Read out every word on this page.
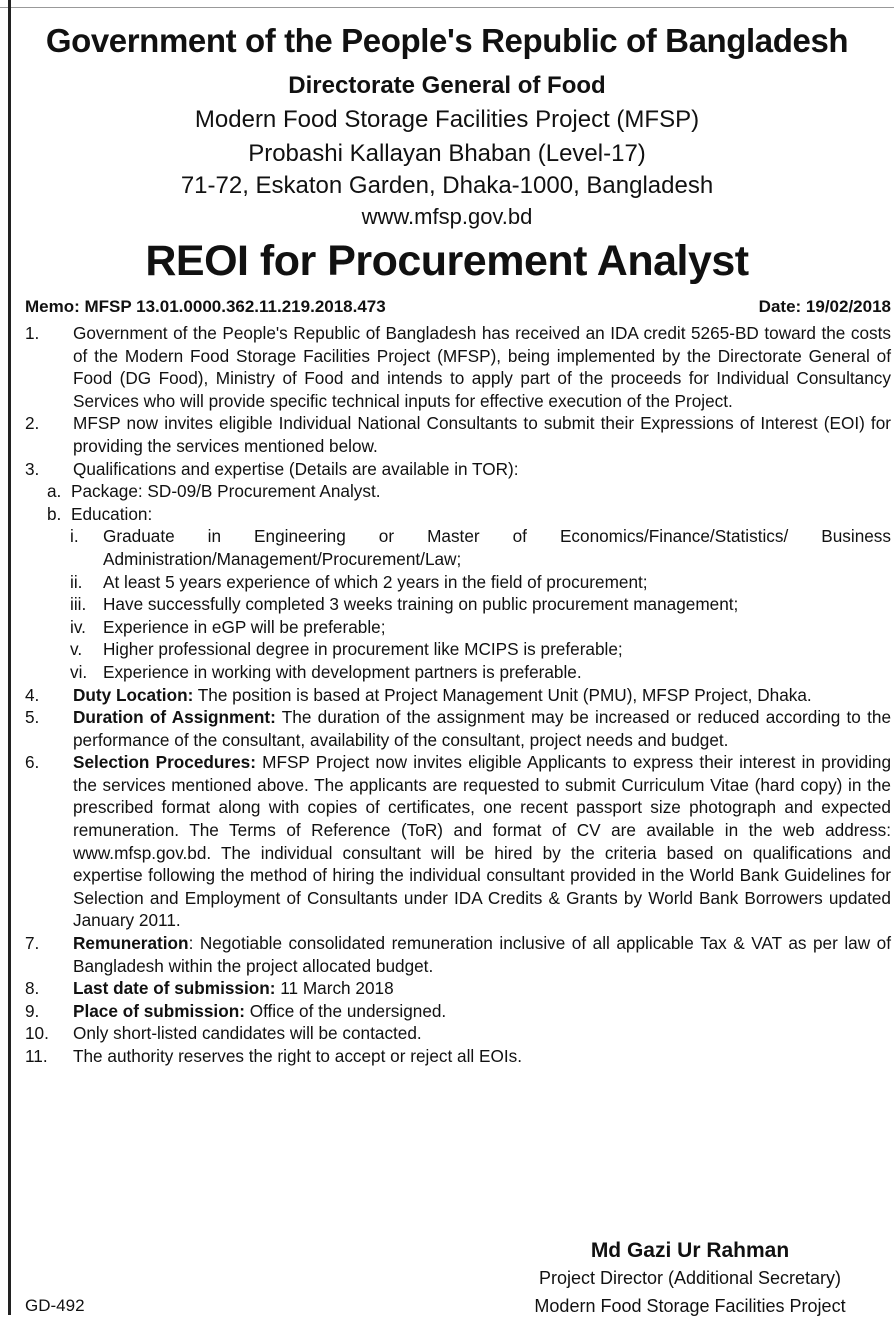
Government of the People's Republic of Bangladesh
Directorate General of Food
Modern Food Storage Facilities Project (MFSP)
Probashi Kallayan Bhaban (Level-17)
71-72, Eskaton Garden, Dhaka-1000, Bangladesh
www.mfsp.gov.bd
REOI for Procurement Analyst
Memo: MFSP 13.01.0000.362.11.219.2018.473	Date: 19/02/2018
1. Government of the People's Republic of Bangladesh has received an IDA credit 5265-BD toward the costs of the Modern Food Storage Facilities Project (MFSP), being implemented by the Directorate General of Food (DG Food), Ministry of Food and intends to apply part of the proceeds for Individual Consultancy Services who will provide specific technical inputs for effective execution of the Project.
2. MFSP now invites eligible Individual National Consultants to submit their Expressions of Interest (EOI) for providing the services mentioned below.
3. Qualifications and expertise (Details are available in TOR):
a. Package: SD-09/B Procurement Analyst.
b. Education:
i. Graduate in Engineering or Master of Economics/Finance/Statistics/ Business Administration/Management/Procurement/Law;
ii. At least 5 years experience of which 2 years in the field of procurement;
iii. Have successfully completed 3 weeks training on public procurement management;
iv. Experience in eGP will be preferable;
v. Higher professional degree in procurement like MCIPS is preferable;
vi. Experience in working with development partners is preferable.
4. Duty Location: The position is based at Project Management Unit (PMU), MFSP Project, Dhaka.
5. Duration of Assignment: The duration of the assignment may be increased or reduced according to the performance of the consultant, availability of the consultant, project needs and budget.
6. Selection Procedures: MFSP Project now invites eligible Applicants to express their interest in providing the services mentioned above. The applicants are requested to submit Curriculum Vitae (hard copy) in the prescribed format along with copies of certificates, one recent passport size photograph and expected remuneration. The Terms of Reference (ToR) and format of CV are available in the web address: www.mfsp.gov.bd. The individual consultant will be hired by the criteria based on qualifications and expertise following the method of hiring the individual consultant provided in the World Bank Guidelines for Selection and Employment of Consultants under IDA Credits & Grants by World Bank Borrowers updated January 2011.
7. Remuneration: Negotiable consolidated remuneration inclusive of all applicable Tax & VAT as per law of Bangladesh within the project allocated budget.
8. Last date of submission: 11 March 2018
9. Place of submission: Office of the undersigned.
10. Only short-listed candidates will be contacted.
11. The authority reserves the right to accept or reject all EOIs.
Md Gazi Ur Rahman
Project Director (Additional Secretary)
Modern Food Storage Facilities Project
GD-492
